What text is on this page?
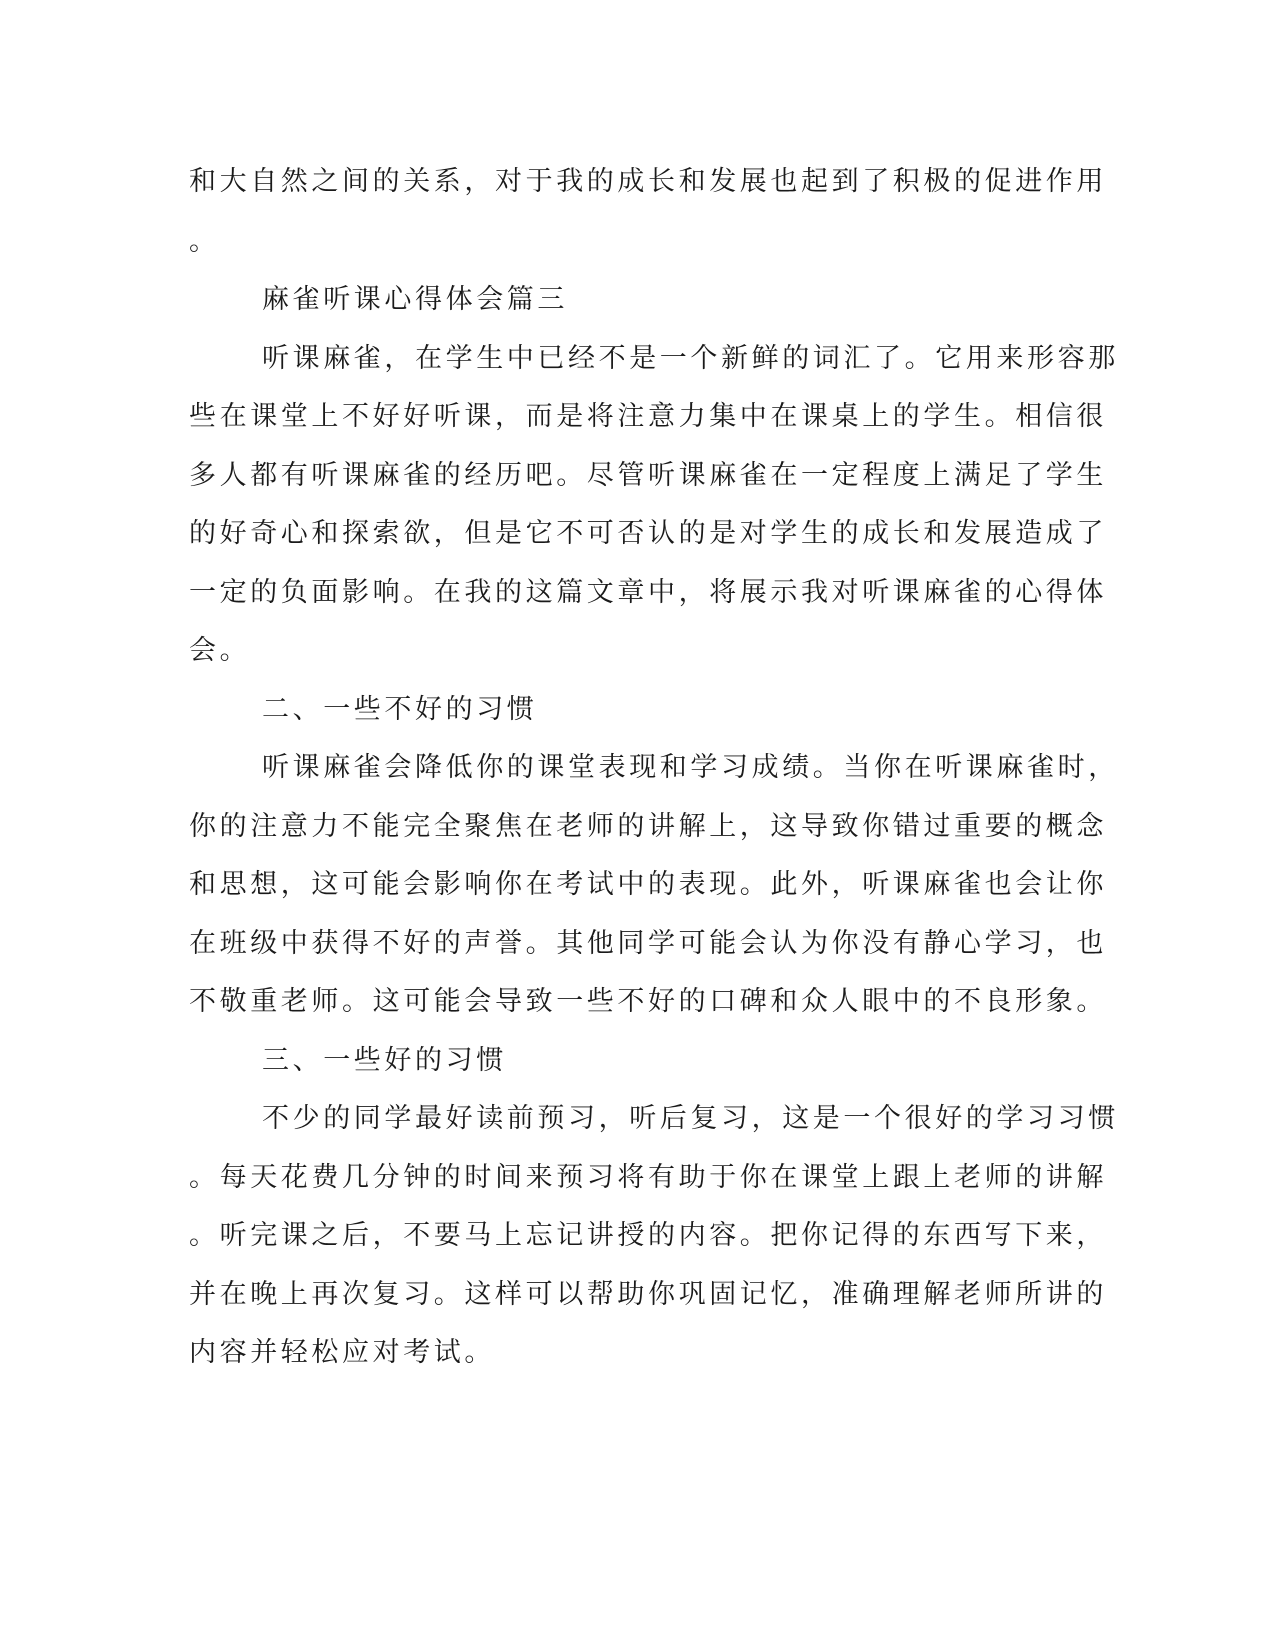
和大自然之间的关系，对于我的成长和发展也起到了积极的促进作用
。
麻雀听课心得体会篇三
听课麻雀，在学生中已经不是一个新鲜的词汇了。它用来形容那
些在课堂上不好好听课，而是将注意力集中在课桌上的学生。相信很
多人都有听课麻雀的经历吧。尽管听课麻雀在一定程度上满足了学生
的好奇心和探索欲，但是它不可否认的是对学生的成长和发展造成了
一定的负面影响。在我的这篇文章中，将展示我对听课麻雀的心得体
会。
二、一些不好的习惯
听课麻雀会降低你的课堂表现和学习成绩。当你在听课麻雀时，
你的注意力不能完全聚焦在老师的讲解上，这导致你错过重要的概念
和思想，这可能会影响你在考试中的表现。此外，听课麻雀也会让你
在班级中获得不好的声誉。其他同学可能会认为你没有静心学习，也
不敬重老师。这可能会导致一些不好的口碑和众人眼中的不良形象。
三、一些好的习惯
不少的同学最好读前预习，听后复习，这是一个很好的学习习惯
。每天花费几分钟的时间来预习将有助于你在课堂上跟上老师的讲解
。听完课之后，不要马上忘记讲授的内容。把你记得的东西写下来，
并在晚上再次复习。这样可以帮助你巩固记忆，准确理解老师所讲的
内容并轻松应对考试。
